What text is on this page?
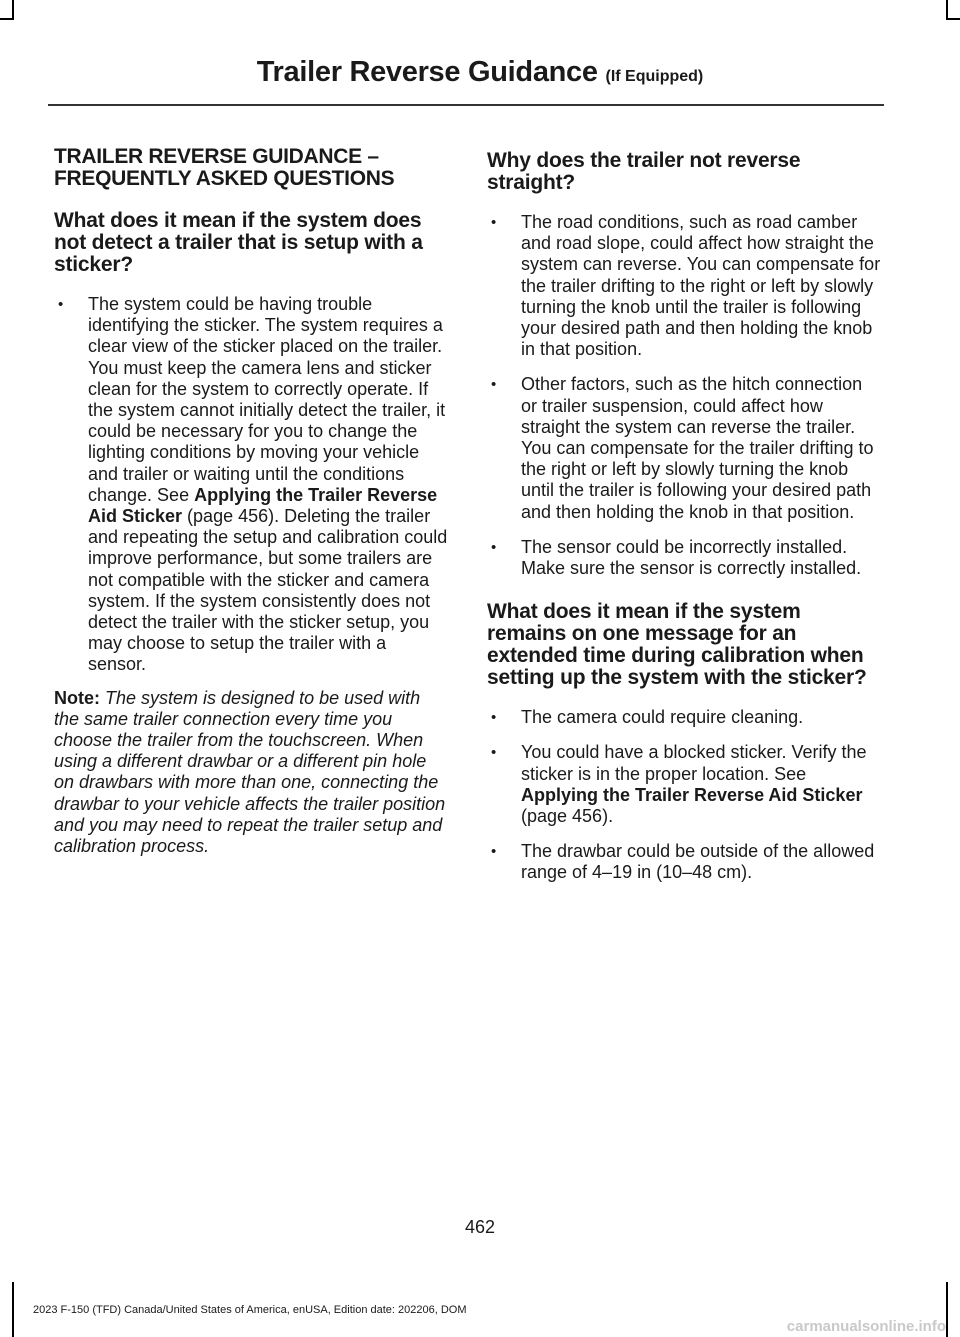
Trailer Reverse Guidance (If Equipped)
TRAILER REVERSE GUIDANCE – FREQUENTLY ASKED QUESTIONS
What does it mean if the system does not detect a trailer that is setup with a sticker?
• The system could be having trouble identifying the sticker. The system requires a clear view of the sticker placed on the trailer. You must keep the camera lens and sticker clean for the system to correctly operate. If the system cannot initially detect the trailer, it could be necessary for you to change the lighting conditions by moving your vehicle and trailer or waiting until the conditions change. See Applying the Trailer Reverse Aid Sticker (page 456). Deleting the trailer and repeating the setup and calibration could improve performance, but some trailers are not compatible with the sticker and camera system. If the system consistently does not detect the trailer with the sticker setup, you may choose to setup the trailer with a sensor.

Note: The system is designed to be used with the same trailer connection every time you choose the trailer from the touchscreen. When using a different drawbar or a different pin hole on drawbars with more than one, connecting the drawbar to your vehicle affects the trailer position and you may need to repeat the trailer setup and calibration process.

Why does the trailer not reverse straight?
• The road conditions, such as road camber and road slope, could affect how straight the system can reverse. You can compensate for the trailer drifting to the right or left by slowly turning the knob until the trailer is following your desired path and then holding the knob in that position.
• Other factors, such as the hitch connection or trailer suspension, could affect how straight the system can reverse the trailer. You can compensate for the trailer drifting to the right or left by slowly turning the knob until the trailer is following your desired path and then holding the knob in that position.
• The sensor could be incorrectly installed. Make sure the sensor is correctly installed.
What does it mean if the system remains on one message for an extended time during calibration when setting up the system with the sticker?
• The camera could require cleaning.
• You could have a blocked sticker. Verify the sticker is in the proper location. See Applying the Trailer Reverse Aid Sticker (page 456).
• The drawbar could be outside of the allowed range of 4–19 in (10–48 cm).
462
2023 F-150 (TFD) Canada/United States of America, enUSA, Edition date: 202206, DOM
carmanualsonline.info
